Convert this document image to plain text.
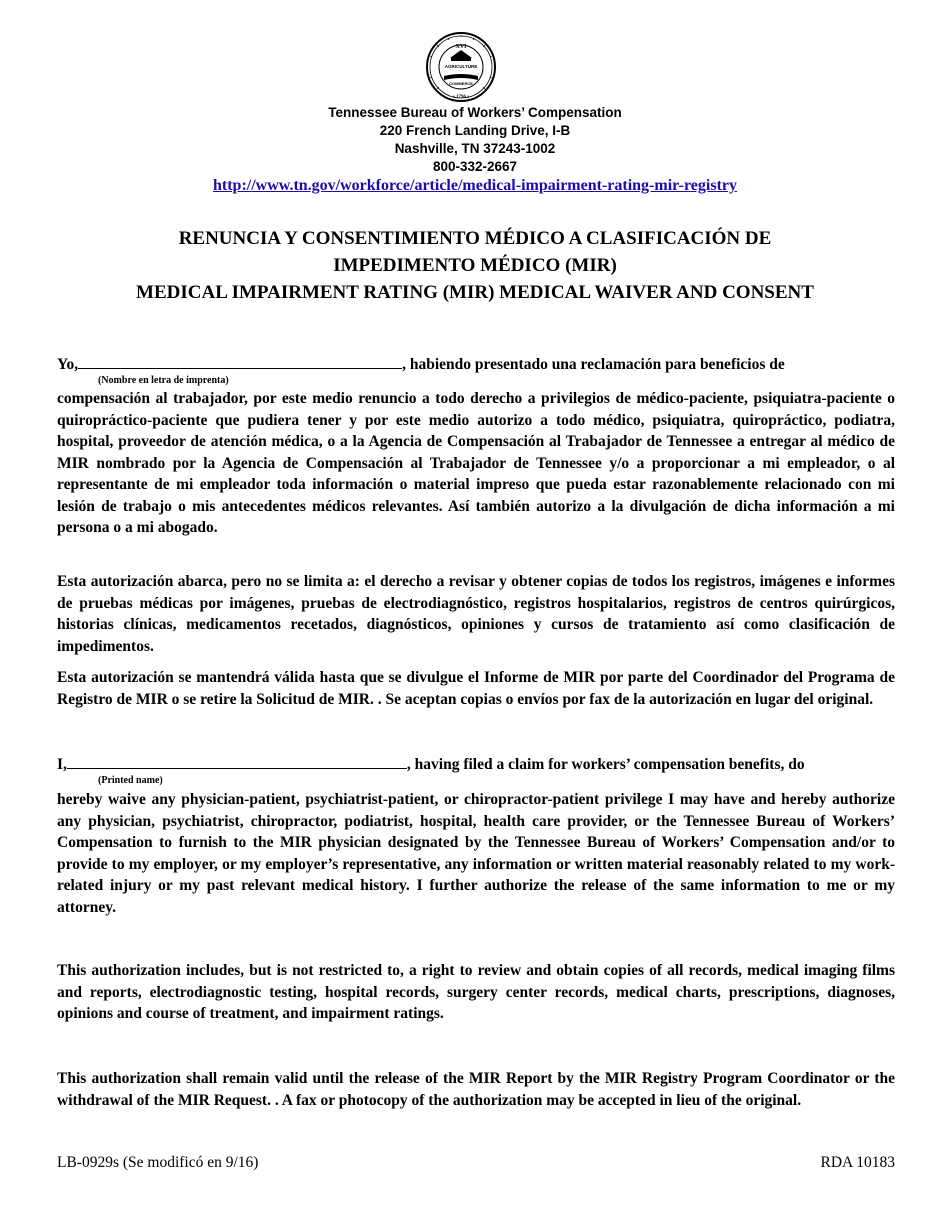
XVI
AGRICULTURE
COMMERCE
• 1796 •
Tennessee Bureau of Workers’ Compensation
220 French Landing Drive, I-B
Nashville, TN 37243-1002
800-332-2667
http://www.tn.gov/workforce/article/medical-impairment-rating-mir-registry
RENUNCIA Y CONSENTIMIENTO MÉDICO A CLASIFICACIÓN DE
IMPEDIMENTO MÉDICO (MIR)
MEDICAL IMPAIRMENT RATING (MIR) MEDICAL WAIVER AND CONSENT
Yo,	, habiendo presentado una reclamación para beneficios de
(Nombre en letra de imprenta)

compensación al trabajador, por este medio renuncio a todo derecho a privilegios de médico-paciente, psiquiatra-paciente o quiropráctico-paciente que pudiera tener y por este medio autorizo a todo médico, psiquiatra, quiropráctico, podiatra, hospital, proveedor de atención médica, o a la Agencia de Compensación al Trabajador de Tennessee a entregar al médico de MIR nombrado por la Agencia de Compensación al Trabajador de Tennessee y/o a proporcionar a mi empleador, o al representante de mi empleador toda información o material impreso que pueda estar razonablemente relacionado con mi lesión de trabajo o mis antecedentes médicos relevantes. Así también autorizo a la divulgación de dicha información a mi persona o a mi abogado.

Esta autorización abarca, pero no se limita a: el derecho a revisar y obtener copias de todos los registros, imágenes e informes de pruebas médicas por imágenes, pruebas de electrodiagnóstico, registros hospitalarios, registros de centros quirúrgicos, historias clínicas, medicamentos recetados, diagnósticos, opiniones y cursos de tratamiento así como clasificación de impedimentos.

Esta autorización se mantendrá válida hasta que se divulgue el Informe de MIR por parte del Coordinador del Programa de Registro de MIR o se retire la Solicitud de MIR. . Se aceptan copias o envíos por fax de la autorización en lugar del original.

I,	, having filed a claim for workers’ compensation benefits, do
(Printed name)

hereby waive any physician-patient, psychiatrist-patient, or chiropractor-patient privilege I may have and hereby authorize any physician, psychiatrist, chiropractor, podiatrist, hospital, health care provider, or the Tennessee Bureau of Workers’ Compensation to furnish to the MIR physician designated by the Tennessee Bureau of Workers’ Compensation and/or to provide to my employer, or my employer’s representative, any information or written material reasonably related to my work-related injury or my past relevant medical history. I further authorize the release of the same information to me or my attorney.

This authorization includes, but is not restricted to, a right to review and obtain copies of all records, medical imaging films and reports, electrodiagnostic testing, hospital records, surgery center records, medical charts, prescriptions, diagnoses, opinions and course of treatment, and impairment ratings.

This authorization shall remain valid until the release of the MIR Report by the MIR Registry Program Coordinator or the withdrawal of the MIR Request. . A fax or photocopy of the authorization may be accepted in lieu of the original.

LB-0929s (Se modificó en 9/16)	RDA 10183
